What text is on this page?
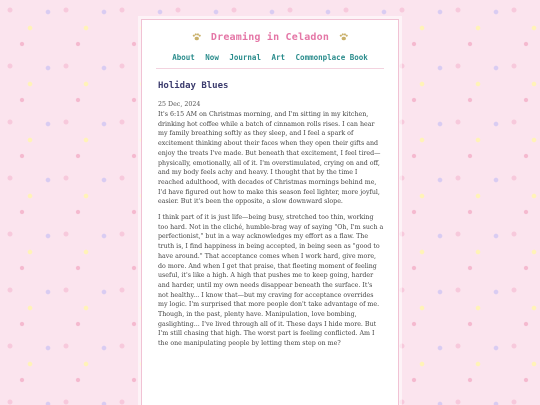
Dreaming in Celadon
About Now Journal Art Commonplace Book
Holiday Blues

25 Dec, 2024

It's 6:15 AM on Christmas morning, and I'm sitting in my kitchen, drinking hot coffee while a batch of cinnamon rolls rises. I can hear my family breathing softly as they sleep, and I feel a spark of excitement thinking about their faces when they open their gifts and enjoy the treats I've made. But beneath that excitement, I feel tired—physically, emotionally, all of it. I'm overstimulated, crying on and off, and my body feels achy and heavy. I thought that by the time I reached adulthood, with decades of Christmas mornings behind me, I'd have figured out how to make this season feel lighter, more joyful, easier. But it's been the opposite, a slow downward slope.

I think part of it is just life—being busy, stretched too thin, working too hard. Not in the cliché, humble-brag way of saying "Oh, I'm such a perfectionist," but in a way acknowledges my effort as a flaw. The truth is, I find happiness in being accepted, in being seen as "good to have around." That acceptance comes when I work hard, give more, do more. And when I get that praise, that fleeting moment of feeling useful, it's like a high. A high that pushes me to keep going, harder and harder, until my own needs disappear beneath the surface. It's not healthy... I know that—but my craving for acceptance overrides my logic. I'm surprised that more people don't take advantage of me. Though, in the past, plenty have. Manipulation, love bombing, gaslighting... I've lived through all of it. These days I hide more. But I'm still chasing that high. The worst part is feeling conflicted. Am I the one manipulating people by letting them step on me?
